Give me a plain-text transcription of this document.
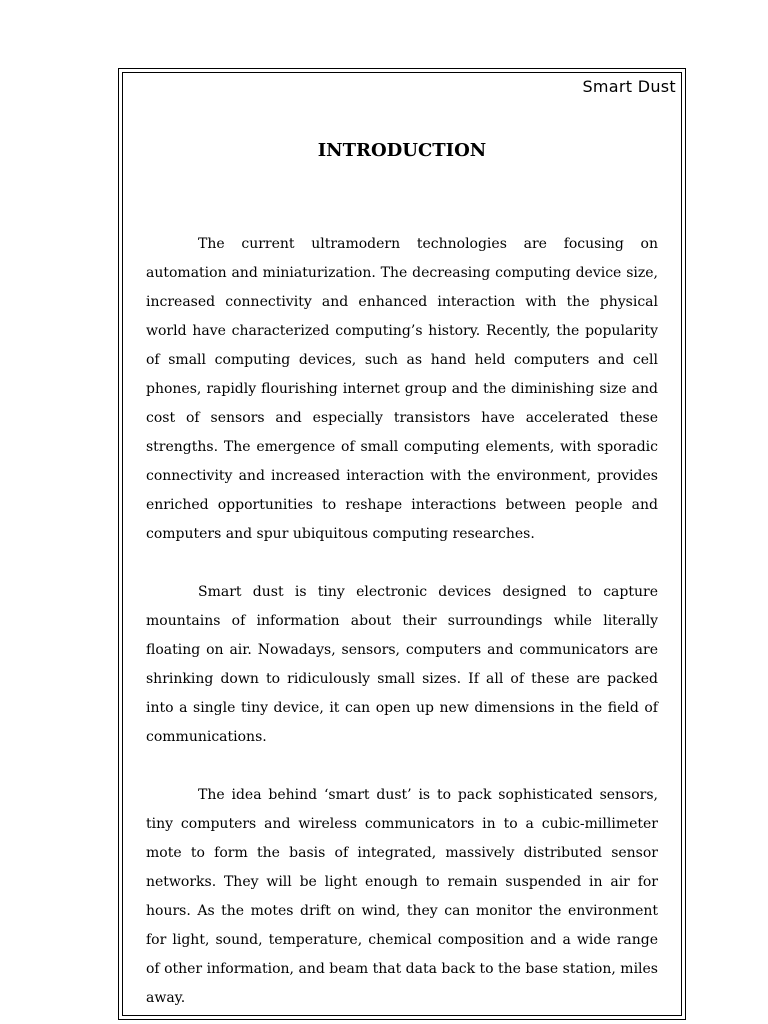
Smart Dust
INTRODUCTION

The current ultramodern technologies are focusing on automation and miniaturization. The decreasing computing device size, increased connectivity and enhanced interaction with the physical world have characterized computing’s history. Recently, the popularity of small computing devices, such as hand held computers and cell phones, rapidly flourishing internet group and the diminishing size and cost of sensors and especially transistors have accelerated these strengths. The emergence of small computing elements, with sporadic connectivity and increased interaction with the environment, provides enriched opportunities to reshape interactions between people and computers and spur ubiquitous computing researches.

Smart dust is tiny electronic devices designed to capture mountains of information about their surroundings while literally floating on air. Nowadays, sensors, computers and communicators are shrinking down to ridiculously small sizes. If all of these are packed into a single tiny device, it can open up new dimensions in the field of communications.

The idea behind ‘smart dust’ is to pack sophisticated sensors, tiny computers and wireless communicators in to a cubic-millimeter mote to form the basis of integrated, massively distributed sensor networks. They will be light enough to remain suspended in air for hours. As the motes drift on wind, they can monitor the environment for light, sound, temperature, chemical composition and a wide range of other information, and beam that data back to the base station, miles away.
